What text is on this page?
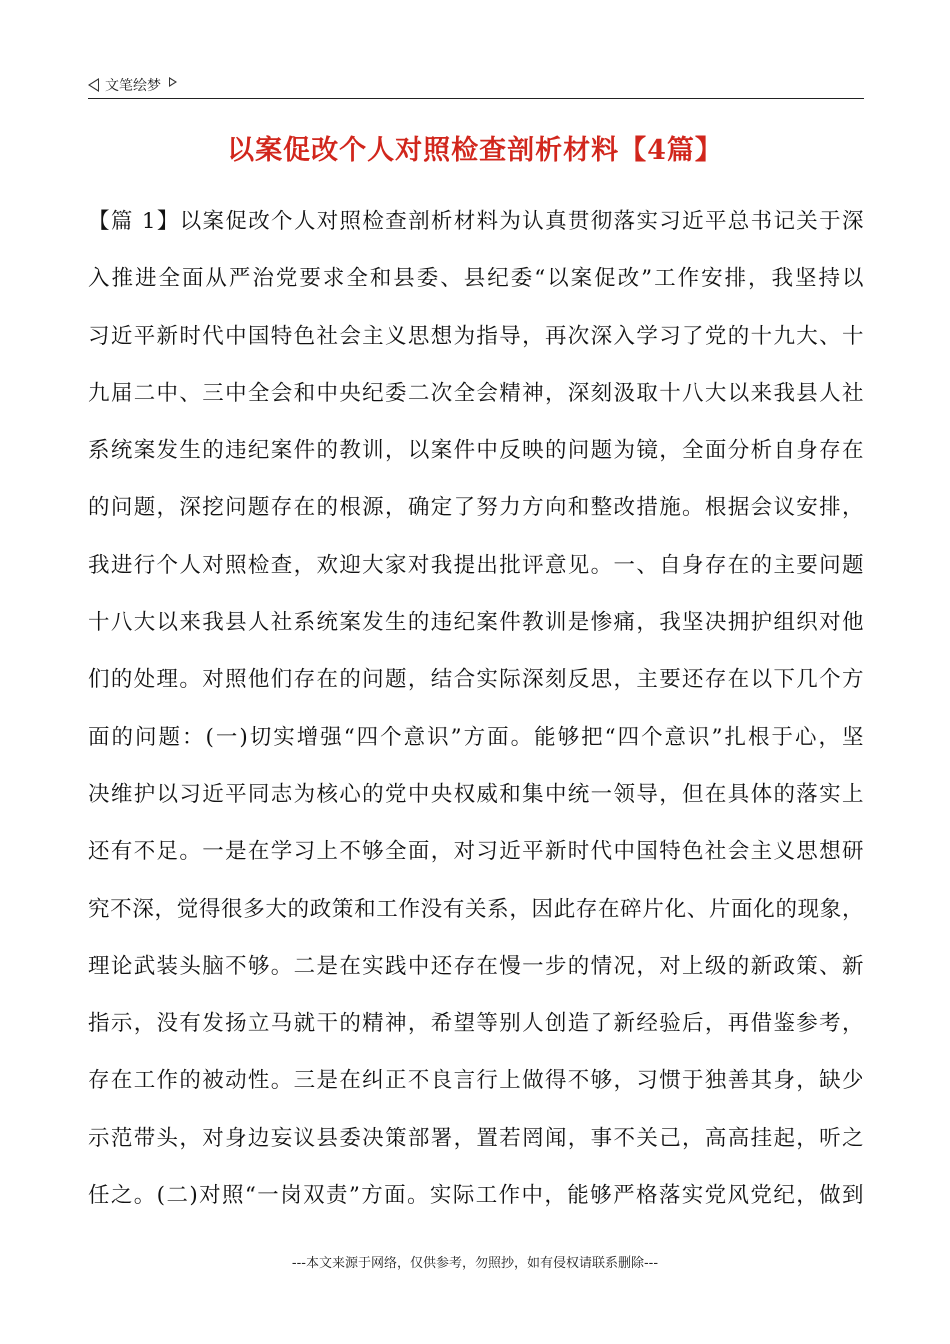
文笔绘梦
以案促改个人对照检查剖析材料【4篇】
【篇 1】以案促改个人对照检查剖析材料为认真贯彻落实习近平总书记关于深
入推进全面从严治党要求全和县委、县纪委“以案促改”工作安排，我坚持以
习近平新时代中国特色社会主义思想为指导，再次深入学习了党的十九大、十
九届二中、三中全会和中央纪委二次全会精神，深刻汲取十八大以来我县人社
系统案发生的违纪案件的教训，以案件中反映的问题为镜，全面分析自身存在
的问题，深挖问题存在的根源，确定了努力方向和整改措施。根据会议安排，
我进行个人对照检查，欢迎大家对我提出批评意见。一、自身存在的主要问题
十八大以来我县人社系统案发生的违纪案件教训是惨痛，我坚决拥护组织对他
们的处理。对照他们存在的问题，结合实际深刻反思，主要还存在以下几个方
面的问题：(一)切实增强“四个意识”方面。能够把“四个意识”扎根于心，坚
决维护以习近平同志为核心的党中央权威和集中统一领导，但在具体的落实上
还有不足。一是在学习上不够全面，对习近平新时代中国特色社会主义思想研
究不深，觉得很多大的政策和工作没有关系，因此存在碎片化、片面化的现象，
理论武装头脑不够。二是在实践中还存在慢一步的情况，对上级的新政策、新
指示，没有发扬立马就干的精神，希望等别人创造了新经验后，再借鉴参考，
存在工作的被动性。三是在纠正不良言行上做得不够，习惯于独善其身，缺少
示范带头，对身边妄议县委决策部署，置若罔闻，事不关己，高高挂起，听之
任之。(二)对照“一岗双责”方面。实际工作中，能够严格落实党风党纪，做到
---本文来源于网络，仅供参考，勿照抄，如有侵权请联系删除---
